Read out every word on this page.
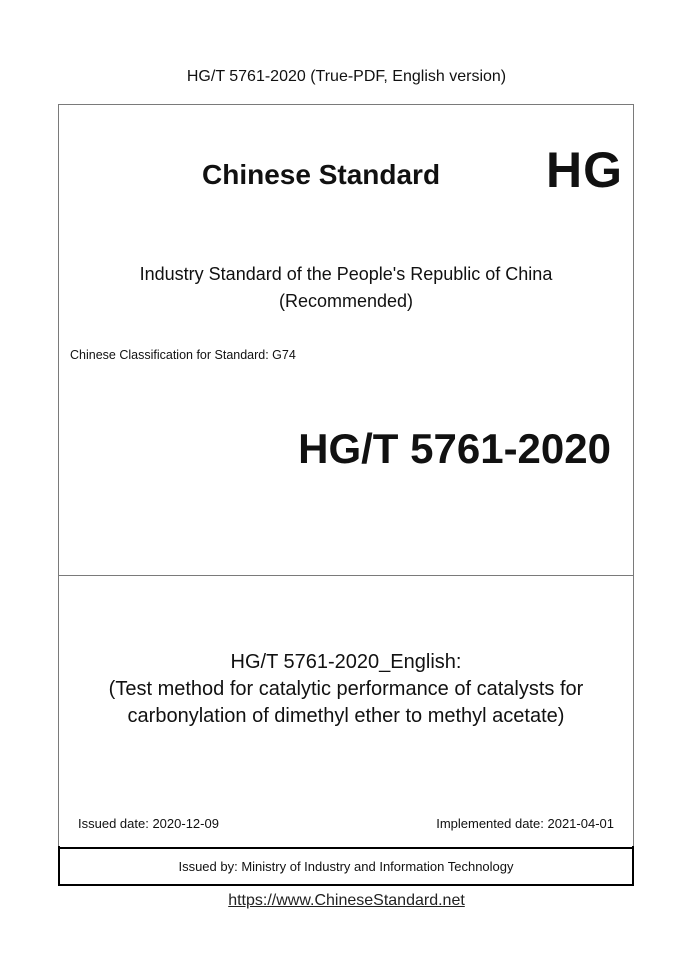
HG/T 5761-2020 (True-PDF, English version)
Chinese Standard HG
Industry Standard of the People's Republic of China
(Recommended)
Chinese Classification for Standard: G74
HG/T 5761-2020
HG/T 5761-2020_English:
(Test method for catalytic performance of catalysts for
carbonylation of dimethyl ether to methyl acetate)
Issued date: 2020-12-09	Implemented date: 2021-04-01
Issued by: Ministry of Industry and Information Technology
https://www.ChineseStandard.net
